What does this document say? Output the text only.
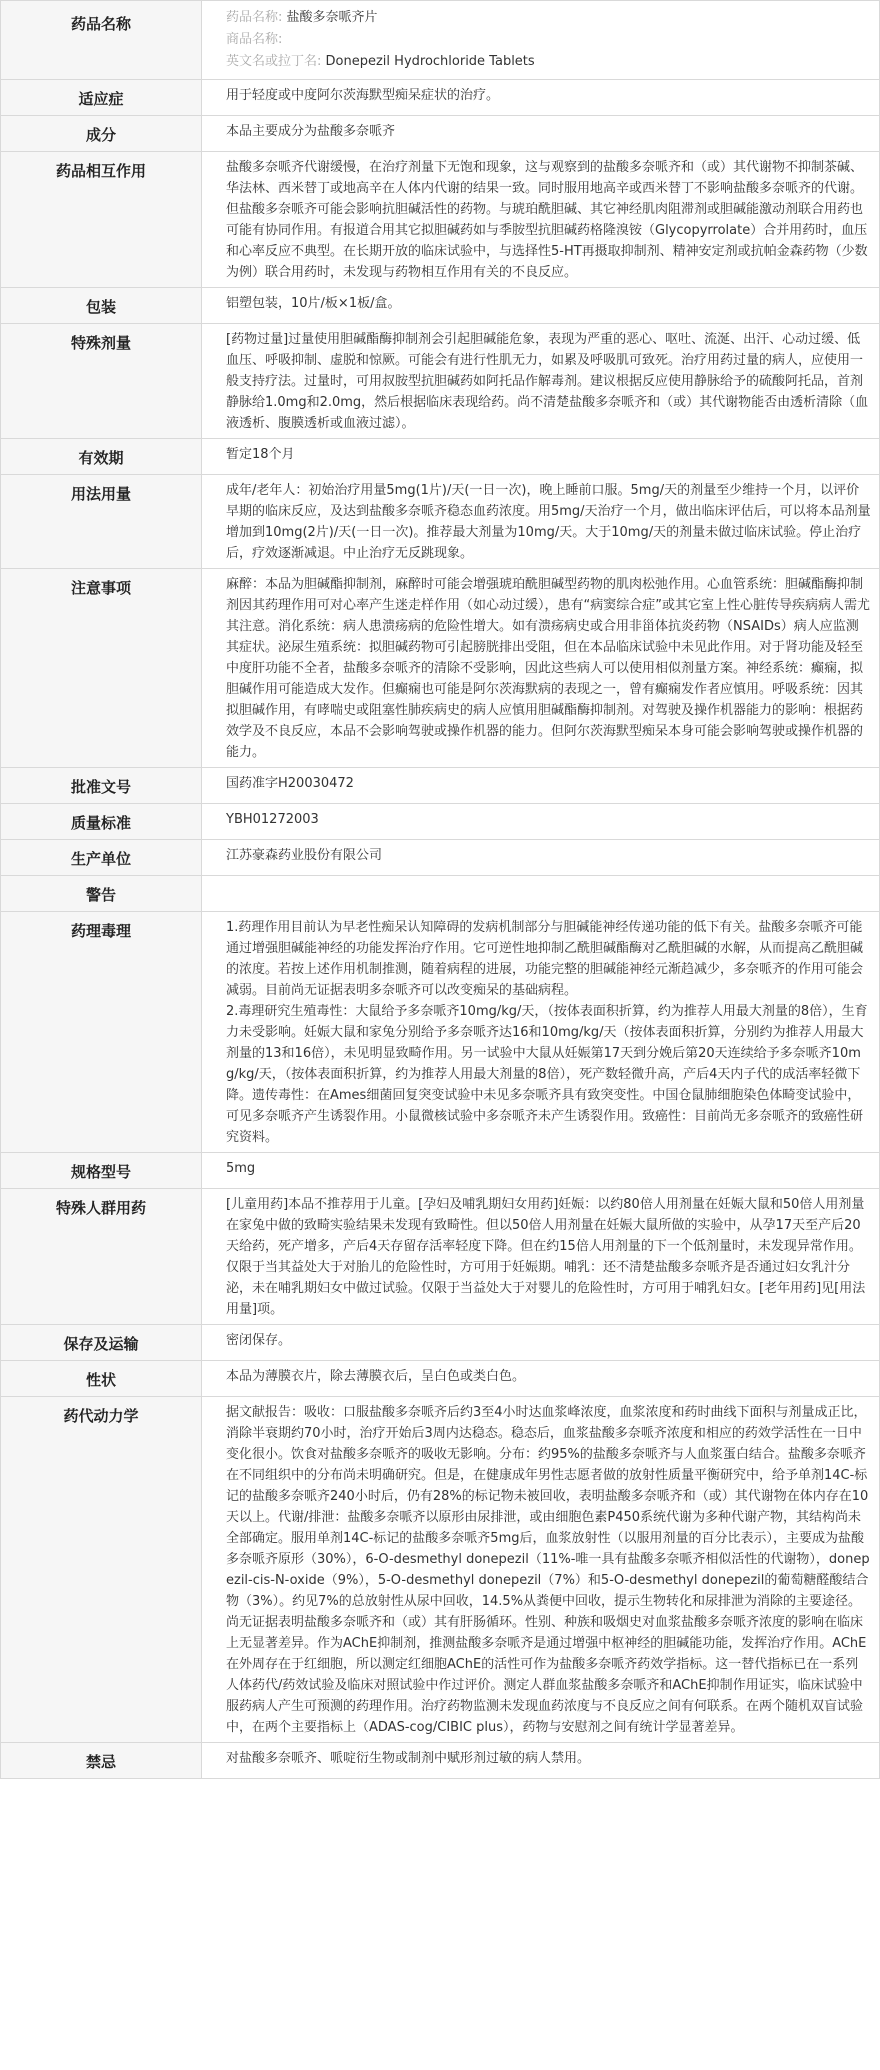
药品名称	药品名称: 盐酸多奈哌齐片
商品名称:
英文名或拉丁名: Donepezil Hydrochloride Tablets

适应症	用于轻度或中度阿尔茨海默型痴呆症状的治疗。
成分	本品主要成分为盐酸多奈哌齐
药品相互作用	盐酸多奈哌齐代谢缓慢，在治疗剂量下无饱和现象，这与观察到的盐酸多奈哌齐和（或）其代谢物不抑制茶碱、华法林、西米替丁或地高辛在人体内代谢的结果一致。同时服用地高辛或西米替丁不影响盐酸多奈哌齐的代谢。但盐酸多奈哌齐可能会影响抗胆碱活性的药物。与琥珀酰胆碱、其它神经肌肉阻滞剂或胆碱能激动剂联合用药也可能有协同作用。有报道合用其它拟胆碱药如与季胺型抗胆碱药格隆溴铵（Glycopyrrolate）合并用药时，血压和心率反应不典型。在长期开放的临床试验中，与选择性5-HT再摄取抑制剂、精神安定剂或抗帕金森药物（少数为例）联合用药时，未发现与药物相互作用有关的不良反应。
包装	铝塑包装，10片/板×1板/盒。
特殊剂量	[药物过量]过量使用胆碱酯酶抑制剂会引起胆碱能危象，表现为严重的恶心、呕吐、流涎、出汗、心动过缓、低血压、呼吸抑制、虚脱和惊厥。可能会有进行性肌无力，如累及呼吸肌可致死。治疗用药过量的病人，应使用一般支持疗法。过量时，可用叔胺型抗胆碱药如阿托品作解毒剂。建议根据反应使用静脉给予的硫酸阿托品，首剂静脉给1.0mg和2.0mg，然后根据临床表现给药。尚不清楚盐酸多奈哌齐和（或）其代谢物能否由透析清除（血液透析、腹膜透析或血液过滤）。
有效期	暂定18个月
用法用量	成年/老年人：初始治疗用量5mg(1片)/天(一日一次)，晚上睡前口服。5mg/天的剂量至少维持一个月，以评价早期的临床反应，及达到盐酸多奈哌齐稳态血药浓度。用5mg/天治疗一个月，做出临床评估后，可以将本品剂量增加到10mg(2片)/天(一日一次)。推荐最大剂量为10mg/天。大于10mg/天的剂量未做过临床试验。停止治疗后，疗效逐渐减退。中止治疗无反跳现象。
注意事项	麻醉：本品为胆碱酯抑制剂，麻醉时可能会增强琥珀酰胆碱型药物的肌肉松弛作用。心血管系统：胆碱酯酶抑制剂因其药理作用可对心率产生迷走样作用（如心动过缓），患有“病窦综合症”或其它室上性心脏传导疾病病人需尤其注意。消化系统：病人患溃疡病的危险性增大。如有溃疡病史或合用非甾体抗炎药物（NSAIDs）病人应监测其症状。泌尿生殖系统：拟胆碱药物可引起膀胱排出受阻，但在本品临床试验中未见此作用。对于肾功能及轻至中度肝功能不全者，盐酸多奈哌齐的清除不受影响，因此这些病人可以使用相似剂量方案。神经系统：癫痫，拟胆碱作用可能造成大发作。但癫痫也可能是阿尔茨海默病的表现之一，曾有癫痫发作者应慎用。呼吸系统：因其拟胆碱作用，有哮喘史或阻塞性肺疾病史的病人应慎用胆碱酯酶抑制剂。对驾驶及操作机器能力的影响：根据药效学及不良反应，本品不会影响驾驶或操作机器的能力。但阿尔茨海默型痴呆本身可能会影响驾驶或操作机器的能力。
批准文号	国药准字H20030472
质量标准	YBH01272003
生产单位	江苏豪森药业股份有限公司
警告	

药理毒理	1.药理作用目前认为早老性痴呆认知障碍的发病机制部分与胆碱能神经传递功能的低下有关。盐酸多奈哌齐可能通过增强胆碱能神经的功能发挥治疗作用。它可逆性地抑制乙酰胆碱酯酶对乙酰胆碱的水解，从而提高乙酰胆碱的浓度。若按上述作用机制推测，随着病程的进展，功能完整的胆碱能神经元渐趋减少，多奈哌齐的作用可能会减弱。目前尚无证据表明多奈哌齐可以改变痴呆的基础病程。
2.毒理研究生殖毒性：大鼠给予多奈哌齐10mg/kg/天，（按体表面积折算，约为推荐人用最大剂量的8倍），生育力未受影响。妊娠大鼠和家兔分别给予多奈哌齐达16和10mg/kg/天（按体表面积折算，分别约为推荐人用最大剂量的13和16倍），未见明显致畸作用。另一试验中大鼠从妊娠第17天到分娩后第20天连续给予多奈哌齐10mg/kg/天，（按体表面积折算，约为推荐人用最大剂量的8倍），死产数轻微升高，产后4天内子代的成活率轻微下降。遗传毒性：在Ames细菌回复突变试验中未见多奈哌齐具有致突变性。中国仓鼠肺细胞染色体畸变试验中，可见多奈哌齐产生诱裂作用。小鼠微核试验中多奈哌齐未产生诱裂作用。致癌性：目前尚无多奈哌齐的致癌性研究资料。

规格型号	5mg
特殊人群用药	[儿童用药]本品不推荐用于儿童。[孕妇及哺乳期妇女用药]妊娠：以约80倍人用剂量在妊娠大鼠和50倍人用剂量在家兔中做的致畸实验结果未发现有致畸性。但以50倍人用剂量在妊娠大鼠所做的实验中，从孕17天至产后20天给药，死产增多，产后4天存留存活率轻度下降。但在约15倍人用剂量的下一个低剂量时，未发现异常作用。仅限于当其益处大于对胎儿的危险性时，方可用于妊娠期。哺乳：还不清楚盐酸多奈哌齐是否通过妇女乳汁分泌，未在哺乳期妇女中做过试验。仅限于当益处大于对婴儿的危险性时，方可用于哺乳妇女。[老年用药]见[用法用量]项。
保存及运输	密闭保存。
性状	本品为薄膜衣片，除去薄膜衣后，呈白色或类白色。
药代动力学	据文献报告：吸收：口服盐酸多奈哌齐后约3至4小时达血浆峰浓度，血浆浓度和药时曲线下面积与剂量成正比，消除半衰期约70小时，治疗开始后3周内达稳态。稳态后，血浆盐酸多奈哌齐浓度和相应的药效学活性在一日中变化很小。饮食对盐酸多奈哌齐的吸收无影响。分布：约95%的盐酸多奈哌齐与人血浆蛋白结合。盐酸多奈哌齐在不同组织中的分布尚未明确研究。但是，在健康成年男性志愿者做的放射性质量平衡研究中，给予单剂14C-标记的盐酸多奈哌齐240小时后，仍有28%的标记物未被回收，表明盐酸多奈哌齐和（或）其代谢物在体内存在10天以上。代谢/排泄：盐酸多奈哌齐以原形由尿排泄，或由细胞色素P450系统代谢为多种代谢产物，其结构尚未全部确定。服用单剂14C-标记的盐酸多奈哌齐5mg后，血浆放射性（以服用剂量的百分比表示），主要成为盐酸多奈哌齐原形（30%），6-O-desmethyl donepezil（11%-唯一具有盐酸多奈哌齐相似活性的代谢物），donepezil-cis-N-oxide（9%），5-O-desmethyl donepezil（7%）和5-O-desmethyl donepezil的葡萄糖醛酸结合物（3%）。约见7%的总放射性从尿中回收，14.5%从粪便中回收，提示生物转化和尿排泄为消除的主要途径。尚无证据表明盐酸多奈哌齐和（或）其有肝肠循环。性别、种族和吸烟史对血浆盐酸多奈哌齐浓度的影响在临床上无显著差异。作为AChE抑制剂，推测盐酸多奈哌齐是通过增强中枢神经的胆碱能功能，发挥治疗作用。AChE在外周存在于红细胞，所以测定红细胞AChE的活性可作为盐酸多奈哌齐药效学指标。这一替代指标已在一系列人体药代/药效试验及临床对照试验中作过评价。测定人群血浆盐酸多奈哌齐和AChE抑制作用证实，临床试验中服药病人产生可预测的药理作用。治疗药物监测未发现血药浓度与不良反应之间有何联系。在两个随机双盲试验中，在两个主要指标上（ADAS-cog/CIBIC plus），药物与安慰剂之间有统计学显著差异。
禁忌	对盐酸多奈哌齐、哌啶衍生物或制剂中赋形剂过敏的病人禁用。
